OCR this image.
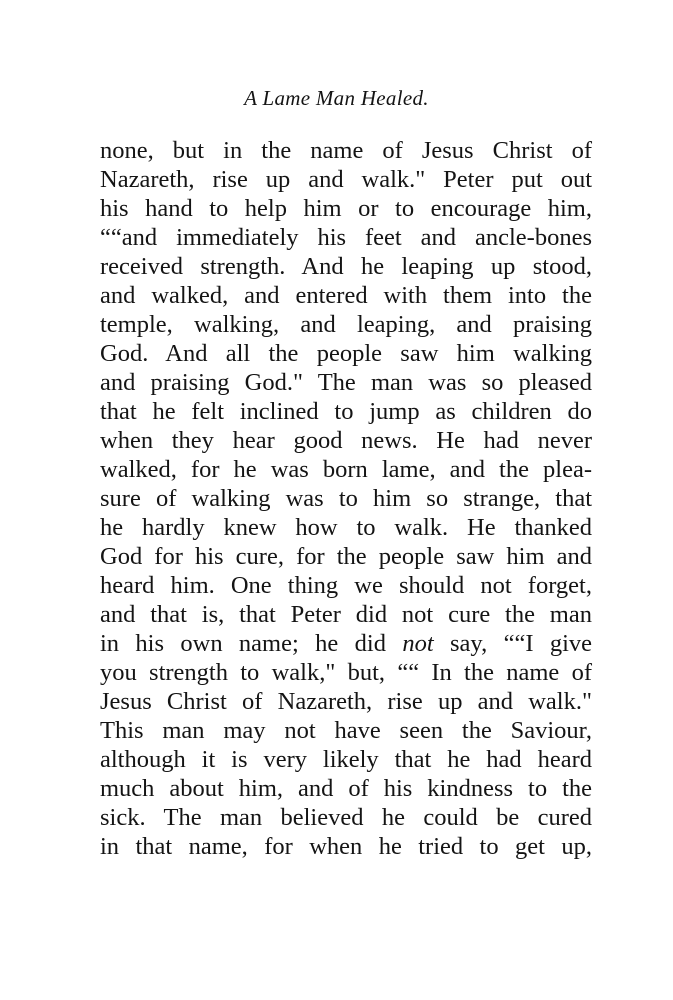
A Lame Man Healed.
none, but in the name of Jesus Christ of
Nazareth, rise up and walk." Peter put out
his hand to help him or to encourage him,
““and immediately his feet and ancle-bones
received strength. And he leaping up stood,
and walked, and entered with them into the
temple, walking, and leaping, and praising
God. And all the people saw him walking
and praising God." The man was so pleased
that he felt inclined to jump as children do
when they hear good news. He had never
walked, for he was born lame, and the plea-
sure of walking was to him so strange, that
he hardly knew how to walk. He thanked
God for his cure, for the people saw him and
heard him. One thing we should not forget,
and that is, that Peter did not cure the man
in his own name; he did not say, ““I give
you strength to walk," but, ““ In the name of
Jesus Christ of Nazareth, rise up and walk."
This man may not have seen the Saviour,
although it is very likely that he had heard
much about him, and of his kindness to the
sick. The man believed he could be cured
in that name, for when he tried to get up,
